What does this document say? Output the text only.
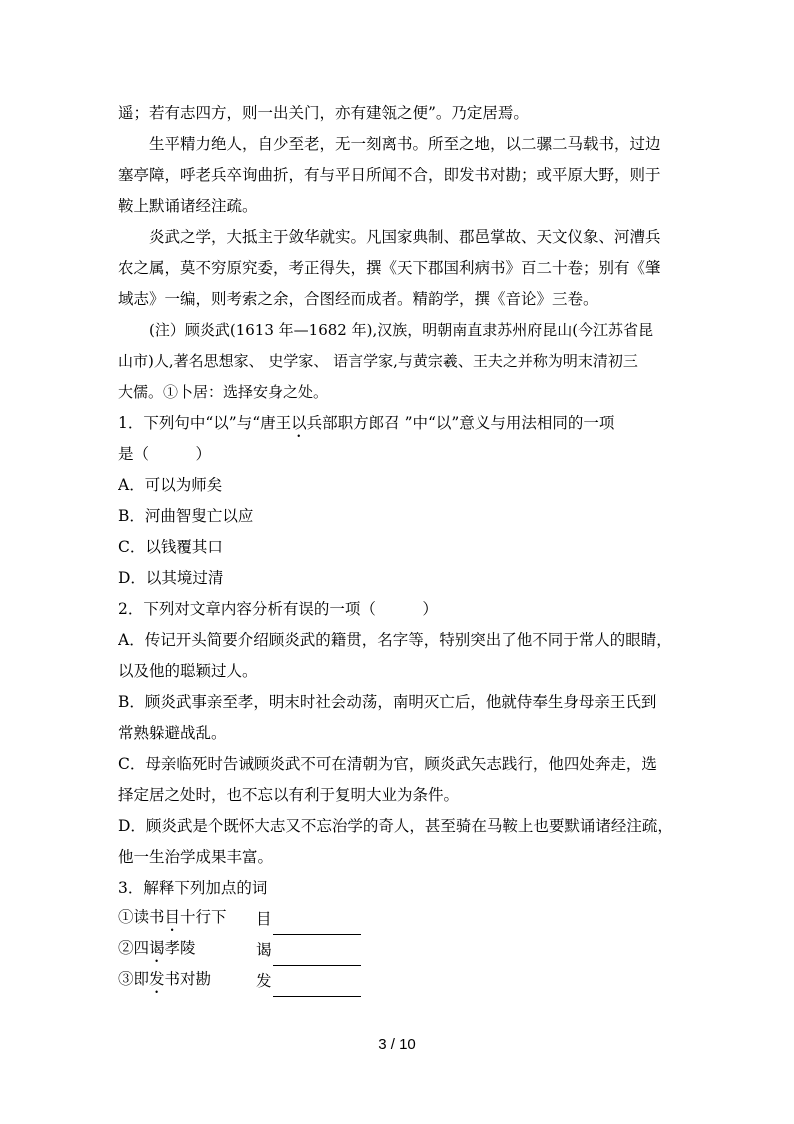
遥；若有志四方，则一出关门，亦有建瓴之便”。乃定居焉。
生平精力绝人，自少至老，无一刻离书。所至之地，以二骡二马载书，过边
塞亭障，呼老兵卒询曲折，有与平日所闻不合，即发书对勘；或平原大野，则于
鞍上默诵诸经注疏。
炎武之学，大抵主于敛华就实。凡国家典制、郡邑掌故、天文仪象、河漕兵
农之属，莫不穷原究委，考正得失，撰《天下郡国利病书》百二十卷；别有《肇
域志》一编，则考索之余，合图经而成者。精韵学，撰《音论》三卷。
(注）顾炎武(1613 年—1682 年),汉族，明朝南直隶苏州府昆山(今江苏省昆
山市)人,著名思想家、 史学家、 语言学家,与黄宗羲、王夫之并称为明末清初三
大儒。①卜居：选择安身之处。
1．下列句中“以”与“唐王以兵部职方郎召 ”中“以”意义与用法相同的一项
是（　　　）
A．可以为师矣
B．河曲智叟亡以应
C．以钱覆其口
D．以其境过清
2．下列对文章内容分析有误的一项（　　　）
A．传记开头简要介绍顾炎武的籍贯，名字等，特别突出了他不同于常人的眼睛，
以及他的聪颖过人。
B．顾炎武事亲至孝，明末时社会动荡，南明灭亡后，他就侍奉生身母亲王氏到
常熟躲避战乱。
C．母亲临死时告诫顾炎武不可在清朝为官，顾炎武矢志践行，他四处奔走，选
择定居之处时，也不忘以有利于复明大业为条件。
D．顾炎武是个既怀大志又不忘治学的奇人，甚至骑在马鞍上也要默诵诸经注疏，
他一生治学成果丰富。
3．解释下列加点的词
①读书目十行下	目
②四谒孝陵	谒
③即发书对勘	发
3 / 10
